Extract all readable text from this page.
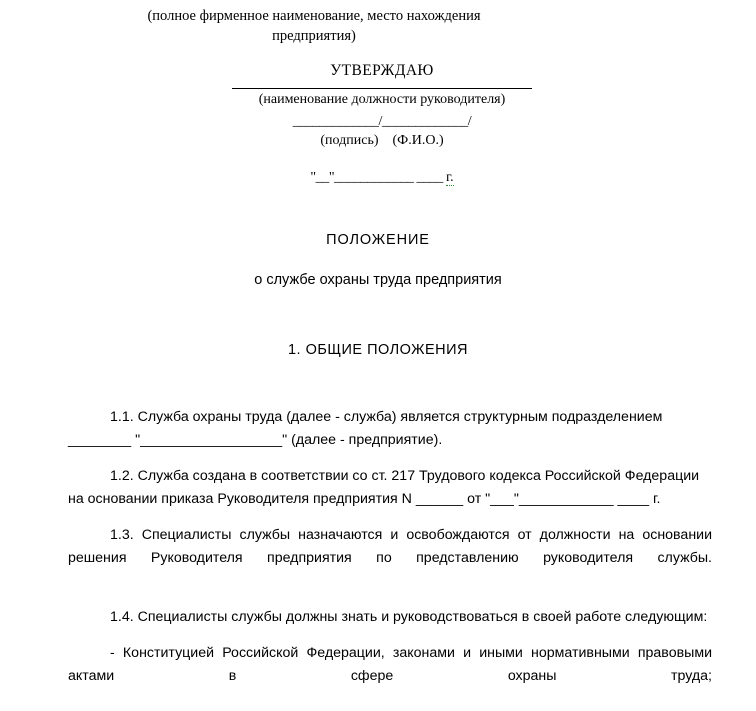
(полное фирменное наименование, место нахождения
предприятия)
УТВЕРЖДАЮ
(наименование должности руководителя)
_____________/_____________/
(подпись)    (Ф.И.О.)
"__"____________ ____ г.
ПОЛОЖЕНИЕ
о службе охраны труда предприятия
1. ОБЩИЕ ПОЛОЖЕНИЯ

1.1. Служба охраны труда (далее - служба) является структурным подразделением ________ "__________________" (далее - предприятие).

1.2. Служба создана в соответствии со ст. 217 Трудового кодекса Российской Федерации на основании приказа Руководителя предприятия N ______ от "___"____________ ____ г.

1.3. Специалисты службы назначаются и освобождаются от должности на основании решения Руководителя предприятия по представлению руководителя службы.

1.4. Специалисты службы должны знать и руководствоваться в своей работе следующим:

- Конституцией Российской Федерации, законами и иными нормативными правовыми актами в сфере охраны труда;
